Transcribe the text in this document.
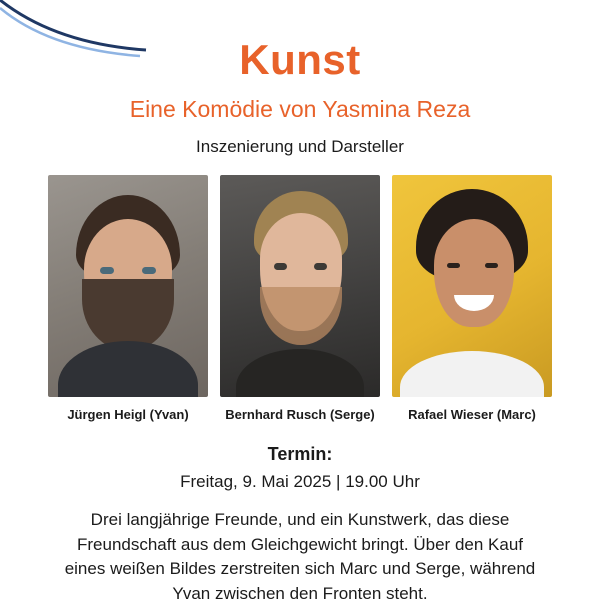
Kunst
Eine Komödie von Yasmina Reza

Inszenierung und Darsteller

Jürgen Heigl (Yvan)	Bernhard Rusch (Serge)	Rafael Wieser (Marc)
Termin:
Freitag, 9. Mai 2025 | 19.00 Uhr

Drei langjährige Freunde, und ein Kunstwerk, das diese Freundschaft aus dem Gleichgewicht bringt. Über den Kauf eines weißen Bildes zerstreiten sich Marc und Serge, während Yvan zwischen den Fronten steht.
